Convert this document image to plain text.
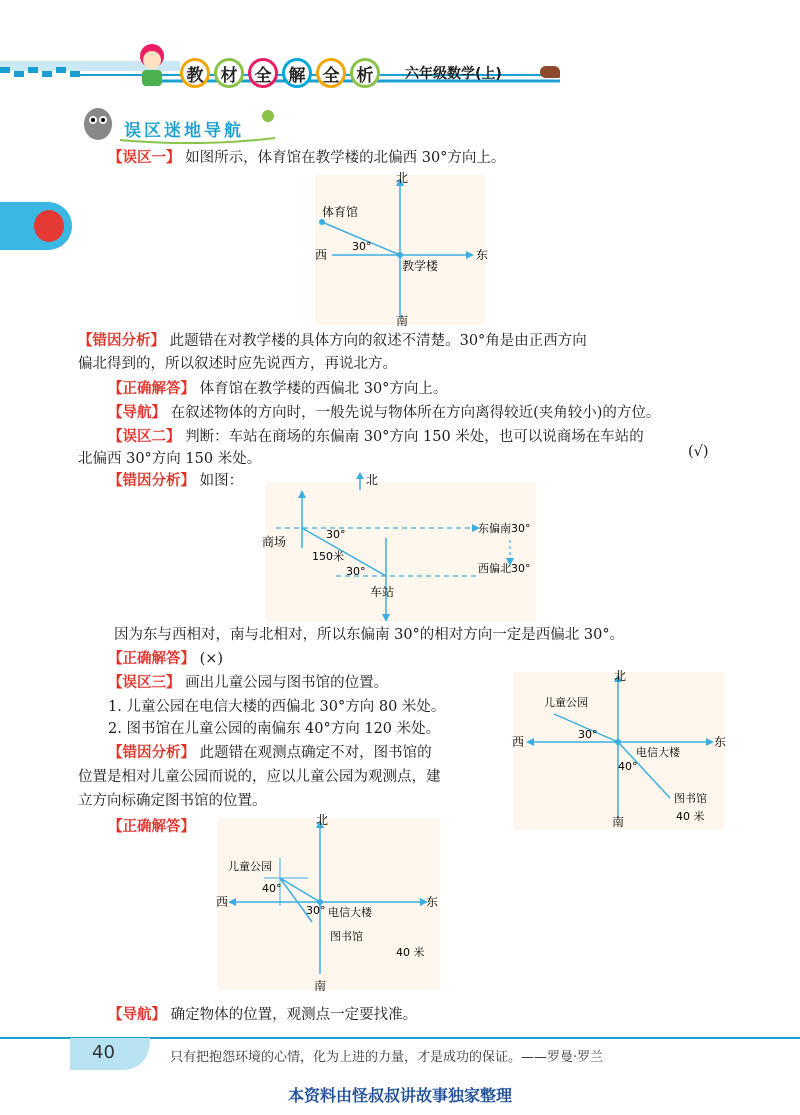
教	材	全	解	全	析	六年级数学(上)
误区迷地导航
【误区一】 如图所示，体育馆在教学楼的北偏西 30°方向上。
北
南
西	东
体育馆
教学楼
30°
【错因分析】 此题错在对教学楼的具体方向的叙述不清楚。30°角是由正西方向
偏北得到的，所以叙述时应先说西方，再说北方。
【正确解答】 体育馆在教学楼的西偏北 30°方向上。
【导航】 在叙述物体的方向时，一般先说与物体所在方向离得较近(夹角较小)的方位。
【误区二】 判断：车站在商场的东偏南 30°方向 150 米处，也可以说商场在车站的
北偏西 30°方向 150 米处。	(√)
【错因分析】 如图：	北
商场
车站
150米
30°
30°
东偏南30°
西偏北30°
因为东与西相对，南与北相对，所以东偏南 30°的相对方向一定是西偏北 30°。
【正确解答】 (×)
【误区三】 画出儿童公园与图书馆的位置。
1. 儿童公园在电信大楼的西偏北 30°方向 80 米处。
2. 图书馆在儿童公园的南偏东 40°方向 120 米处。
【错因分析】 此题错在观测点确定不对，图书馆的
位置是相对儿童公园而说的，应以儿童公园为观测点，建
立方向标确定图书馆的位置。
北
南
西	东
儿童公园
电信大楼
图书馆
30°
40°
40 米
【正确解答】	北
南
西	东
儿童公园
电信大楼
图书馆
30°
40°
40 米
【导航】 确定物体的位置，观测点一定要找准。
40	只有把抱怨环境的心情，化为上进的力量，才是成功的保证。——罗曼·罗兰
本资料由怪叔叔讲故事独家整理
